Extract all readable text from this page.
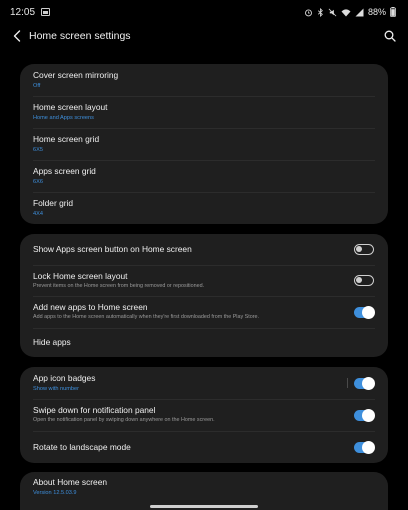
12:05	88%
Home screen settings
Cover screen mirroring
Off
Home screen layout
Home and Apps screens
Home screen grid
6X5
Apps screen grid
6X6
Folder grid
4X4
Show Apps screen button on Home screen
Lock Home screen layout
Prevent items on the Home screen from being removed or repositioned.
Add new apps to Home screen
Add apps to the Home screen automatically when they're first downloaded from the Play Store.
Hide apps
App icon badges
Show with number
Swipe down for notification panel
Open the notification panel by swiping down anywhere on the Home screen.
Rotate to landscape mode
About Home screen
Version 12.5.03.9
